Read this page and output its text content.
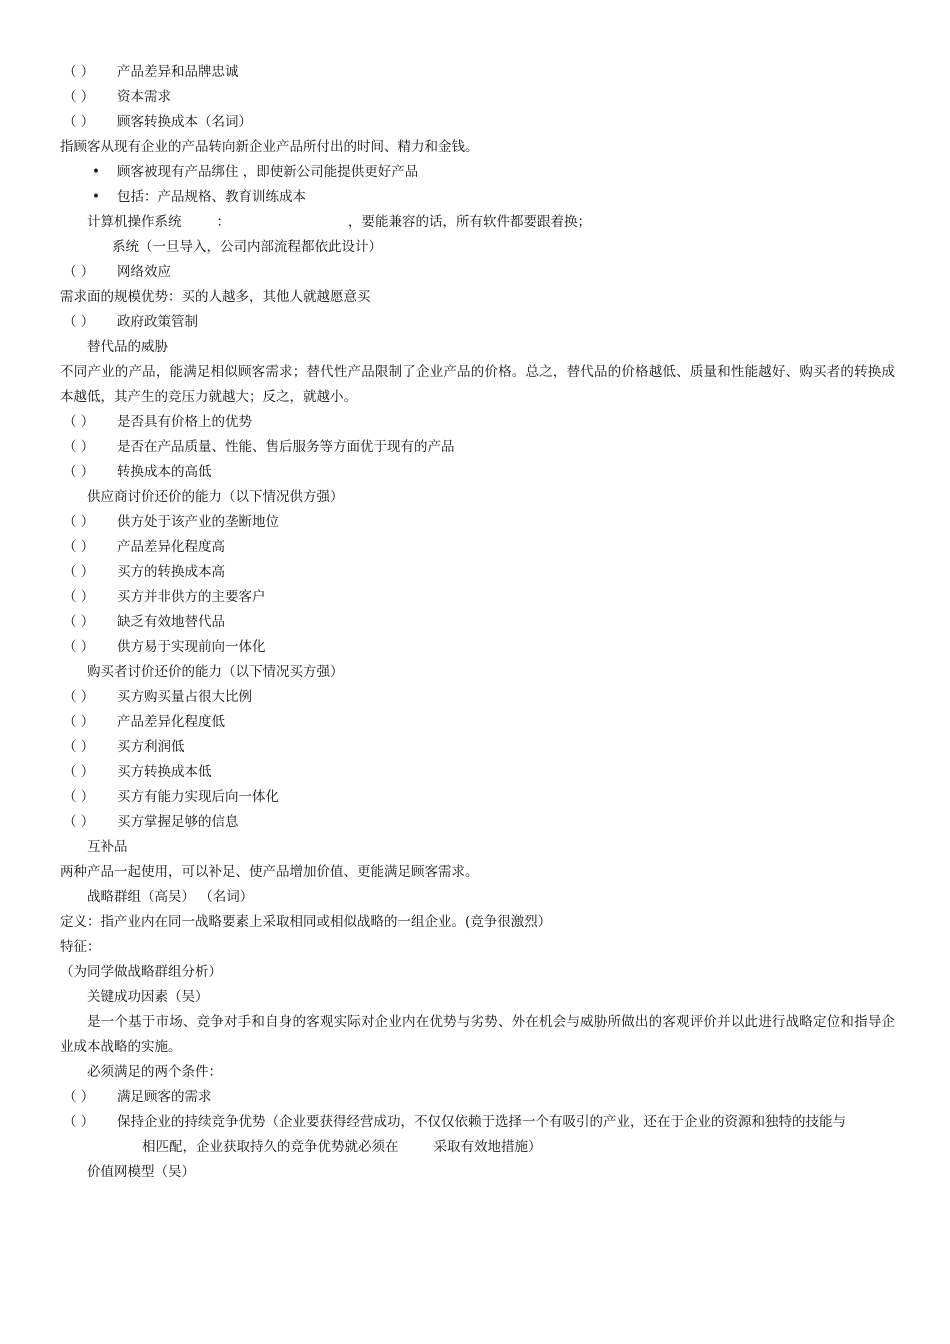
（ ） 产品差异和品牌忠诚
（ ） 资本需求
（ ） 顾客转换成本（名词）
指顾客从现有企业的产品转向新企业产品所付出的时间、精力和金钱。
• 顾客被现有产品绑住 ，即使新公司能提供更好产品
• 包括：产品规格、教育训练成本
计算机操作系统	：	，要能兼容的话，所有软件都要跟着换；
系统（一旦导入，公司内部流程都依此设计）
（ ） 网络效应
需求面的规模优势：买的人越多，其他人就越愿意买
（ ） 政府政策管制
替代品的威胁
不同产业的产品，能满足相似顾客需求；替代性产品限制了企业产品的价格。总之，替代品的价格越低、质量和性能越好、购买者的转换成本越低，其产生的竞压力就越大；反之，就越小。
（ ） 是否具有价格上的优势
（ ） 是否在产品质量、性能、售后服务等方面优于现有的产品
（ ） 转换成本的高低
供应商讨价还价的能力（以下情况供方强）
（ ） 供方处于该产业的垄断地位
（ ） 产品差异化程度高
（ ） 买方的转换成本高
（ ） 买方并非供方的主要客户
（ ） 缺乏有效地替代品
（ ） 供方易于实现前向一体化
购买者讨价还价的能力（以下情况买方强）
（ ） 买方购买量占很大比例
（ ） 产品差异化程度低
（ ） 买方利润低
（ ） 买方转换成本低
（ ） 买方有能力实现后向一体化
（ ） 买方掌握足够的信息
互补品
两种产品一起使用，可以补足、使产品增加价值、更能满足顾客需求。
战略群组（高吴） （名词）
定义：指产业内在同一战略要素上采取相同或相似战略的一组企业。(竞争很激烈）
特征：
（为同学做战略群组分析）
关键成功因素（吴）
是一个基于市场、竞争对手和自身的客观实际对企业内在优势与劣势、外在机会与威胁所做出的客观评价并以此进行战略定位和指导企业成本战略的实施。
必须满足的两个条件：
（ ） 满足顾客的需求
（ ） 保持企业的持续竞争优势（企业要获得经营成功，不仅仅依赖于选择一个有吸引的产业，还在于企业的资源和独特的技能与
相匹配，企业获取持久的竞争优势就必须在	采取有效地措施）
价值网模型（吴）
